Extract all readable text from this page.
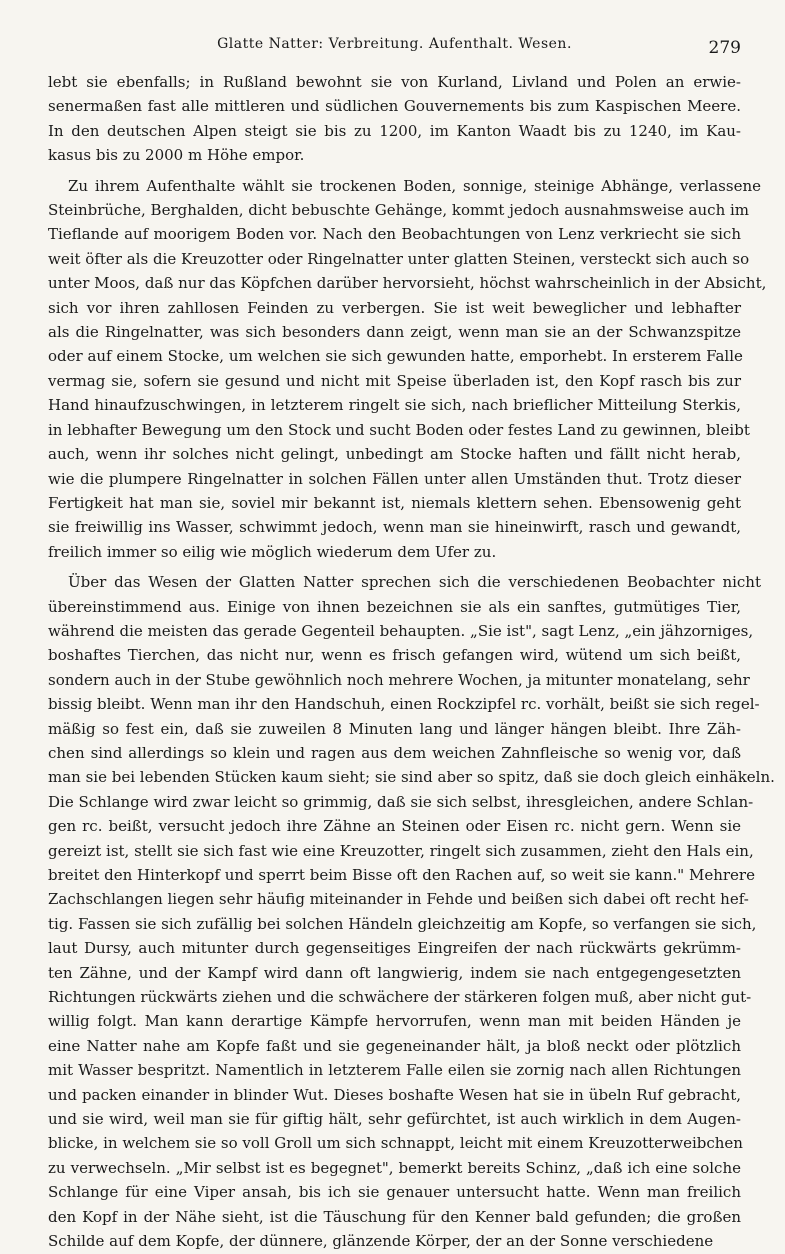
Glatte Natter: Verbreitung. Aufenthalt. Wesen.	279
lebt sie ebenfalls; in Rußland bewohnt sie von Kurland, Livland und Polen an erwie-
senermaßen fast alle mittleren und südlichen Gouvernements bis zum Kaspischen Meere.
In den deutschen Alpen steigt sie bis zu 1200, im Kanton Waadt bis zu 1240, im Kau-
kasus bis zu 2000 m Höhe empor.
Zu ihrem Aufenthalte wählt sie trockenen Boden, sonnige, steinige Abhänge, verlassene
Steinbrüche, Berghalden, dicht bebuschte Gehänge, kommt jedoch ausnahmsweise auch im
Tieflande auf moorigem Boden vor. Nach den Beobachtungen von Lenz verkriecht sie sich
weit öfter als die Kreuzotter oder Ringelnatter unter glatten Steinen, versteckt sich auch so
unter Moos, daß nur das Köpfchen darüber hervorsieht, höchst wahrscheinlich in der Absicht,
sich vor ihren zahllosen Feinden zu verbergen. Sie ist weit beweglicher und lebhafter
als die Ringelnatter, was sich besonders dann zeigt, wenn man sie an der Schwanzspitze
oder auf einem Stocke, um welchen sie sich gewunden hatte, emporhebt. In ersterem Falle
vermag sie, sofern sie gesund und nicht mit Speise überladen ist, den Kopf rasch bis zur
Hand hinaufzuschwingen, in letzterem ringelt sie sich, nach brieflicher Mitteilung Sterkis,
in lebhafter Bewegung um den Stock und sucht Boden oder festes Land zu gewinnen, bleibt
auch, wenn ihr solches nicht gelingt, unbedingt am Stocke haften und fällt nicht herab,
wie die plumpere Ringelnatter in solchen Fällen unter allen Umständen thut. Trotz dieser
Fertigkeit hat man sie, soviel mir bekannt ist, niemals klettern sehen. Ebensowenig geht
sie freiwillig ins Wasser, schwimmt jedoch, wenn man sie hineinwirft, rasch und gewandt,
freilich immer so eilig wie möglich wiederum dem Ufer zu.
Über das Wesen der Glatten Natter sprechen sich die verschiedenen Beobachter nicht
übereinstimmend aus. Einige von ihnen bezeichnen sie als ein sanftes, gutmütiges Tier,
während die meisten das gerade Gegenteil behaupten. „Sie ist", sagt Lenz, „ein jähzorniges,
boshaftes Tierchen, das nicht nur, wenn es frisch gefangen wird, wütend um sich beißt,
sondern auch in der Stube gewöhnlich noch mehrere Wochen, ja mitunter monatelang, sehr
bissig bleibt. Wenn man ihr den Handschuh, einen Rockzipfel rc. vorhält, beißt sie sich regel-
mäßig so fest ein, daß sie zuweilen 8 Minuten lang und länger hängen bleibt. Ihre Zäh-
chen sind allerdings so klein und ragen aus dem weichen Zahnfleische so wenig vor, daß
man sie bei lebenden Stücken kaum sieht; sie sind aber so spitz, daß sie doch gleich einhäkeln.
Die Schlange wird zwar leicht so grimmig, daß sie sich selbst, ihresgleichen, andere Schlan-
gen rc. beißt, versucht jedoch ihre Zähne an Steinen oder Eisen rc. nicht gern. Wenn sie
gereizt ist, stellt sie sich fast wie eine Kreuzotter, ringelt sich zusammen, zieht den Hals ein,
breitet den Hinterkopf und sperrt beim Bisse oft den Rachen auf, so weit sie kann." Mehrere
Zachschlangen liegen sehr häufig miteinander in Fehde und beißen sich dabei oft recht hef-
tig. Fassen sie sich zufällig bei solchen Händeln gleichzeitig am Kopfe, so verfangen sie sich,
laut Dursy, auch mitunter durch gegenseitiges Eingreifen der nach rückwärts gekrümm-
ten Zähne, und der Kampf wird dann oft langwierig, indem sie nach entgegengesetzten
Richtungen rückwärts ziehen und die schwächere der stärkeren folgen muß, aber nicht gut-
willig folgt. Man kann derartige Kämpfe hervorrufen, wenn man mit beiden Händen je
eine Natter nahe am Kopfe faßt und sie gegeneinander hält, ja bloß neckt oder plötzlich
mit Wasser bespritzt. Namentlich in letzterem Falle eilen sie zornig nach allen Richtungen
und packen einander in blinder Wut. Dieses boshafte Wesen hat sie in übeln Ruf gebracht,
und sie wird, weil man sie für giftig hält, sehr gefürchtet, ist auch wirklich in dem Augen-
blicke, in welchem sie so voll Groll um sich schnappt, leicht mit einem Kreuzotterweibchen
zu verwechseln. „Mir selbst ist es begegnet", bemerkt bereits Schinz, „daß ich eine solche
Schlange für eine Viper ansah, bis ich sie genauer untersucht hatte. Wenn man freilich
den Kopf in der Nähe sieht, ist die Täuschung für den Kenner bald gefunden; die großen
Schilde auf dem Kopfe, der dünnere, glänzende Körper, der an der Sonne verschiedene
